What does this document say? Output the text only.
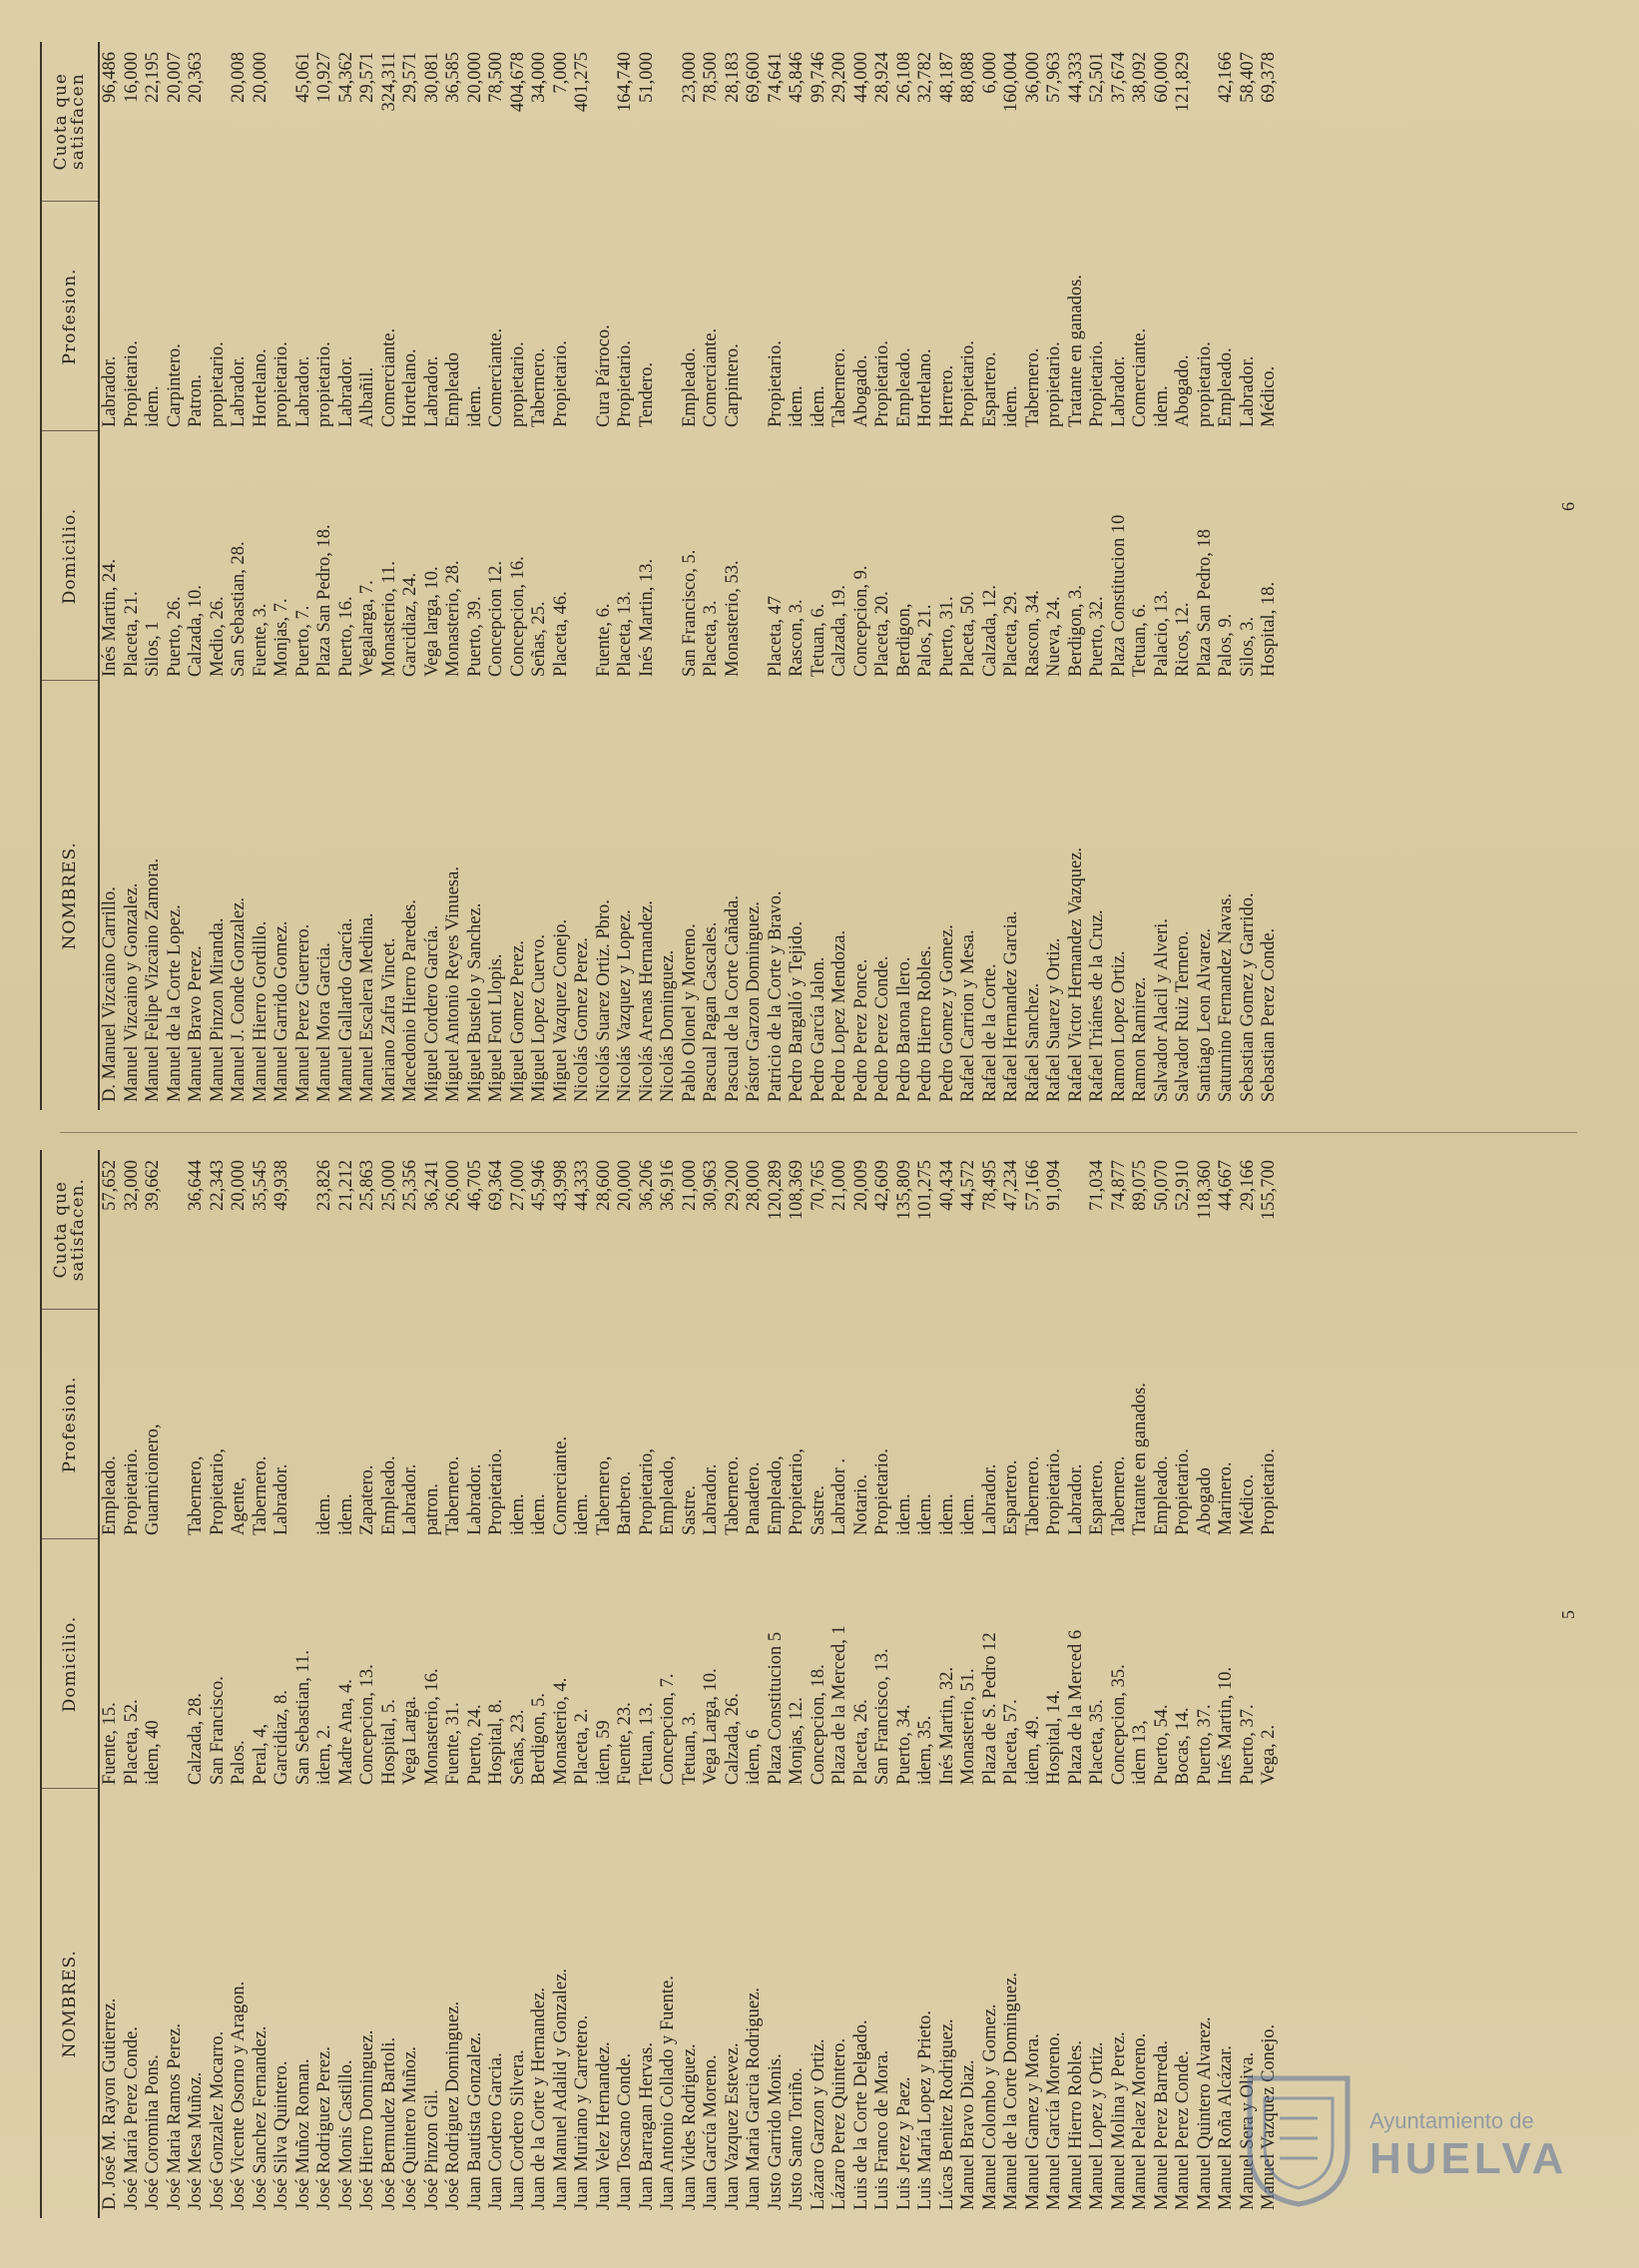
NOMBRES.	Domicilio.	Profesion.	Cuota que satisfacen.
D. José M. Rayon Gutierrez.	Fuente, 15.	Empleado.	57,652
José María Perez Conde.	Placeta, 52.	Propietario.	32,000
José Coromina Pons.	idem, 40	Guarnicionero,	39,662
José Maria Ramos Perez.			
José Mesa Muñoz.	Calzada, 28.	Tabernero,	36,644
José Gonzalez Mocarro.	San Francisco.	Propietario,	22,343
José Vicente Osorno y Aragon.	Palos.	Agente,	20,000
José Sanchez Fernandez.	Peral, 4,	Tabernero.	35,545
José Silva Quintero.	Garcidiaz, 8.	Labrador.	49,938
José Muñoz Roman.	San Sebastian, 11.		
José Rodriguez Perez.	idem, 2.	idem.	23,826
José Monis Castillo.	Madre Ana, 4.	idem.	21,212
José Hierro Dominguez.	Concepcion, 13.	Zapatero.	25,863
José Bermudez Bartoli.	Hospital, 5.	Empleado.	25,000
José Quintero Muñoz.	Vega Larga.	Labrador.	25,356
José Pinzon Gil.	Monasterio, 16.	patron.	36,241
José Rodriguez Dominguez.	Fuente, 31.	Tabernero.	26,000
Juan Bautista Gonzalez.	Puerto, 24.	Labrador.	46,705
Juan Cordero Garcia.	Hospital, 8.	Propietario.	69,364
Juan Cordero Silvera.	Señas, 23.	idem.	27,000
Juan de la Corte y Hernandez.	Berdigon, 5.	idem.	45,946
Juan Manuel Adalid y Gonzalez.	Monasterio, 4.	Comerciante.	43,998
Juan Muriano y Carretero.	Placeta, 2.	idem.	44,333
Juan Velez Hernandez.	idem, 59	Tabernero,	28,600
Juan Toscano Conde.	Fuente, 23.	Barbero.	20,000
Juan Barragan Hervas.	Tetuan, 13.	Propietario,	36,206
Juan Antonio Collado y Fuente.	Concepcion, 7.	Empleado,	36,916
Juan Vides Rodriguez.	Tetuan, 3.	Sastre.	21,000
Juan García Moreno.	Vega Larga, 10.	Labrador.	30,963
Juan Vazquez Estevez.	Calzada, 26.	Tabernero.	29,200
Juan Maria Garcia Rodriguez.	idem, 6	Panadero.	28,000
Justo Garrido Monis.	Plaza Constitucion 5	Empleado,	120,289
Justo Santo Toriño.	Monjas, 12.	Propietario,	108,369
Lázaro Garzon y Ortiz.	Concepcion, 18.	Sastre.	70,765
Lázaro Perez Quintero.	Plaza de la Merced, 1	Labrador .	21,000
Luis de la Corte Delgado.	Placeta, 26.	Notario.	20,009
Luis Franco de Mora.	San Francisco, 13.	Propietario.	42,609
Luis Jerez y Paez.	Puerto, 34.	idem.	135,809
Luis María Lopez y Prieto.	idem, 35.	idem.	101,275
Lúcas Benitez Rodriguez.	Inés Martin, 32.	idem.	40,434
Manuel Bravo Diaz.	Monasterio, 51.	idem.	44,572
Manuel Colombo y Gomez.	Plaza de S. Pedro 12	Labrador.	78,495
Manuel de la Corte Dominguez.	Placeta, 57.	Espartero.	47,234
Manuel Gamez y Mora.	idem, 49.	Tabernero.	57,166
Manuel García Moreno.	Hospital, 14.	Propietario.	91,094
Manuel Hierro Robles.	Plaza de la Merced 6	Labrador.	
Manuel Lopez y Ortiz.	Placeta, 35.	Espartero.	71,034
Manuel Molina y Perez.	Concepcion, 35.	Tabernero.	74,877
Manuel Pelaez Moreno.	idem 13,	Tratante en ganados.	89,075
Manuel Perez Barreda.	Puerto, 54.	Empleado.	50,070
Manuel Perez Conde.	Bocas, 14.	Propietario.	52,910
Manuel Quintero Alvarez.	Puerto, 37.	Abogado	118,360
Manuel Roña Alcázar.	Inés Martin, 10.	Marinero.	44,667
Manuel Sera y Oliva.	Puerto, 37.	Médico.	29,166
Manuel Vazquez Conejo.	Vega, 2.	Propietario.	155,700
5
NOMBRES.	Domicilio.	Profesion.	Cuota que satisfacen
D. Manuel Vizcaino Carrillo.	Inés Martin, 24.	Labrador.	96,486
Manuel Vizcaino y Gonzalez.	Placeta, 21.	Propietario.	16,000
Manuel Felipe Vizcaino Zamora.	Silos, 1	idem.	22,195
Manuel de la Corte Lopez.	Puerto, 26.	Carpintero.	20,007
Manuel Bravo Perez.	Calzada, 10.	Patron.	20,363
Manuel Pinzon Miranda.	Medio, 26.	propietario.	
Manuel J. Conde Gonzalez.	San Sebastian, 28.	Labrador.	20,008
Manuel Hierro Gordillo.	Fuente, 3.	Hortelano.	20,000
Manuel Garrido Gomez.	Monjas, 7.	propietario.	
Manuel Perez Guerrero.	Puerto, 7.	Labrador.	45,061
Manuel Mora Garcia.	Plaza San Pedro, 18.	propietario.	10,927
Manuel Gallardo García.	Puerto, 16.	Labrador.	54,362
Manuel Escalera Medina.	Vegalarga, 7.	Albañil.	29,571
Mariano Zafra Vincet.	Monasterio, 11.	Comerciante.	324,311
Macedonio Hierro Paredes.	Garcidiaz, 24.	Hortelano.	29,571
Miguel Cordero García.	Vega larga, 10.	Labrador.	30,081
Miguel Antonio Reyes Vinuesa.	Monasterio, 28.	Empleado	36,585
Miguel Bustelo y Sanchez.	Puerto, 39.	idem.	20,000
Miguel Font Llopis.	Concepcion 12.	Comerciante.	78,500
Miguel Gomez Perez.	Concepcion, 16.	propietario.	404,678
Miguel Lopez Cuervo.	Señas, 25.	Tabernero.	34,000
Miguel Vazquez Conejo.	Placeta, 46.	Propietario.	7,000
Nicolás Gomez Perez.			401,275
Nicolás Suarez Ortiz. Pbro.	Fuente, 6.	Cura Párroco.	
Nicolás Vazquez y Lopez.	Placeta, 13.	Propietario.	164,740
Nicolás Arenas Hernandez.	Inés Martin, 13.	Tendero.	51,000
Nicolás Dominguez.			
Pablo Olonel y Moreno.	San Francisco, 5.	Empleado.	23,000
Pascual Pagan Cascales.	Placeta, 3.	Comerciante.	78,500
Pascual de la Corte Cañada.	Monasterio, 53.	Carpintero.	28,183
Pástor Garzon Dominguez.			69,600
Patricio de la Corte y Bravo.	Placeta, 47	Propietario.	74,641
Pedro Bargalló y Tejido.	Rascon, 3.	idem.	45,846
Pedro García Jalon.	Tetuan, 6.	idem.	99,746
Pedro Lopez Mendoza.	Calzada, 19.	Tabernero.	29,200
Pedro Perez Ponce.	Concepcion, 9.	Abogado.	44,000
Pedro Perez Conde.	Placeta, 20.	Propietario.	28,924
Pedro Barona Ilero.	Berdigon,	Empleado.	26,108
Pedro Hierro Robles.	Palos, 21.	Hortelano.	32,782
Pedro Gomez y Gomez.	Puerto, 31.	Herrero.	48,187
Rafael Carrion y Mesa.	Placeta, 50.	Propietario.	88,088
Rafael de la Corte.	Calzada, 12.	Espartero.	6,000
Rafael Hernandez Garcia.	Placeta, 29.	idem.	160,004
Rafael Sanchez.	Rascon, 34.	Tabernero.	36,000
Rafael Suarez y Ortiz.	Nueva, 24.	propietario.	57,963
Rafael Victor Hernandez Vazquez.	Berdigon, 3.	Tratante en ganados.	44,333
Rafael Triánes de la Cruz.	Puerto, 32.	Propietario.	52,501
Ramon Lopez Ortiz.	Plaza Constitucion 10	Labrador.	37,674
Ramon Ramirez.	Tetuan, 6.	Comerciante.	38,092
Salvador Alacil y Alveri.	Palacio, 13.	idem.	60,000
Salvador Ruiz Ternero.	Ricos, 12.	Abogado.	121,829
Santiago Leon Alvarez.	Plaza San Pedro, 18	propietario.	
Saturnino Fernandez Navas.	Palos, 9.	Empleado.	42,166
Sebastian Gomez y Garrido.	Silos, 3.	Labrador.	58,407
Sebastian Perez Conde.	Hospital, 18.	Médico.	69,378
6
Ayuntamiento de
HUELVA
